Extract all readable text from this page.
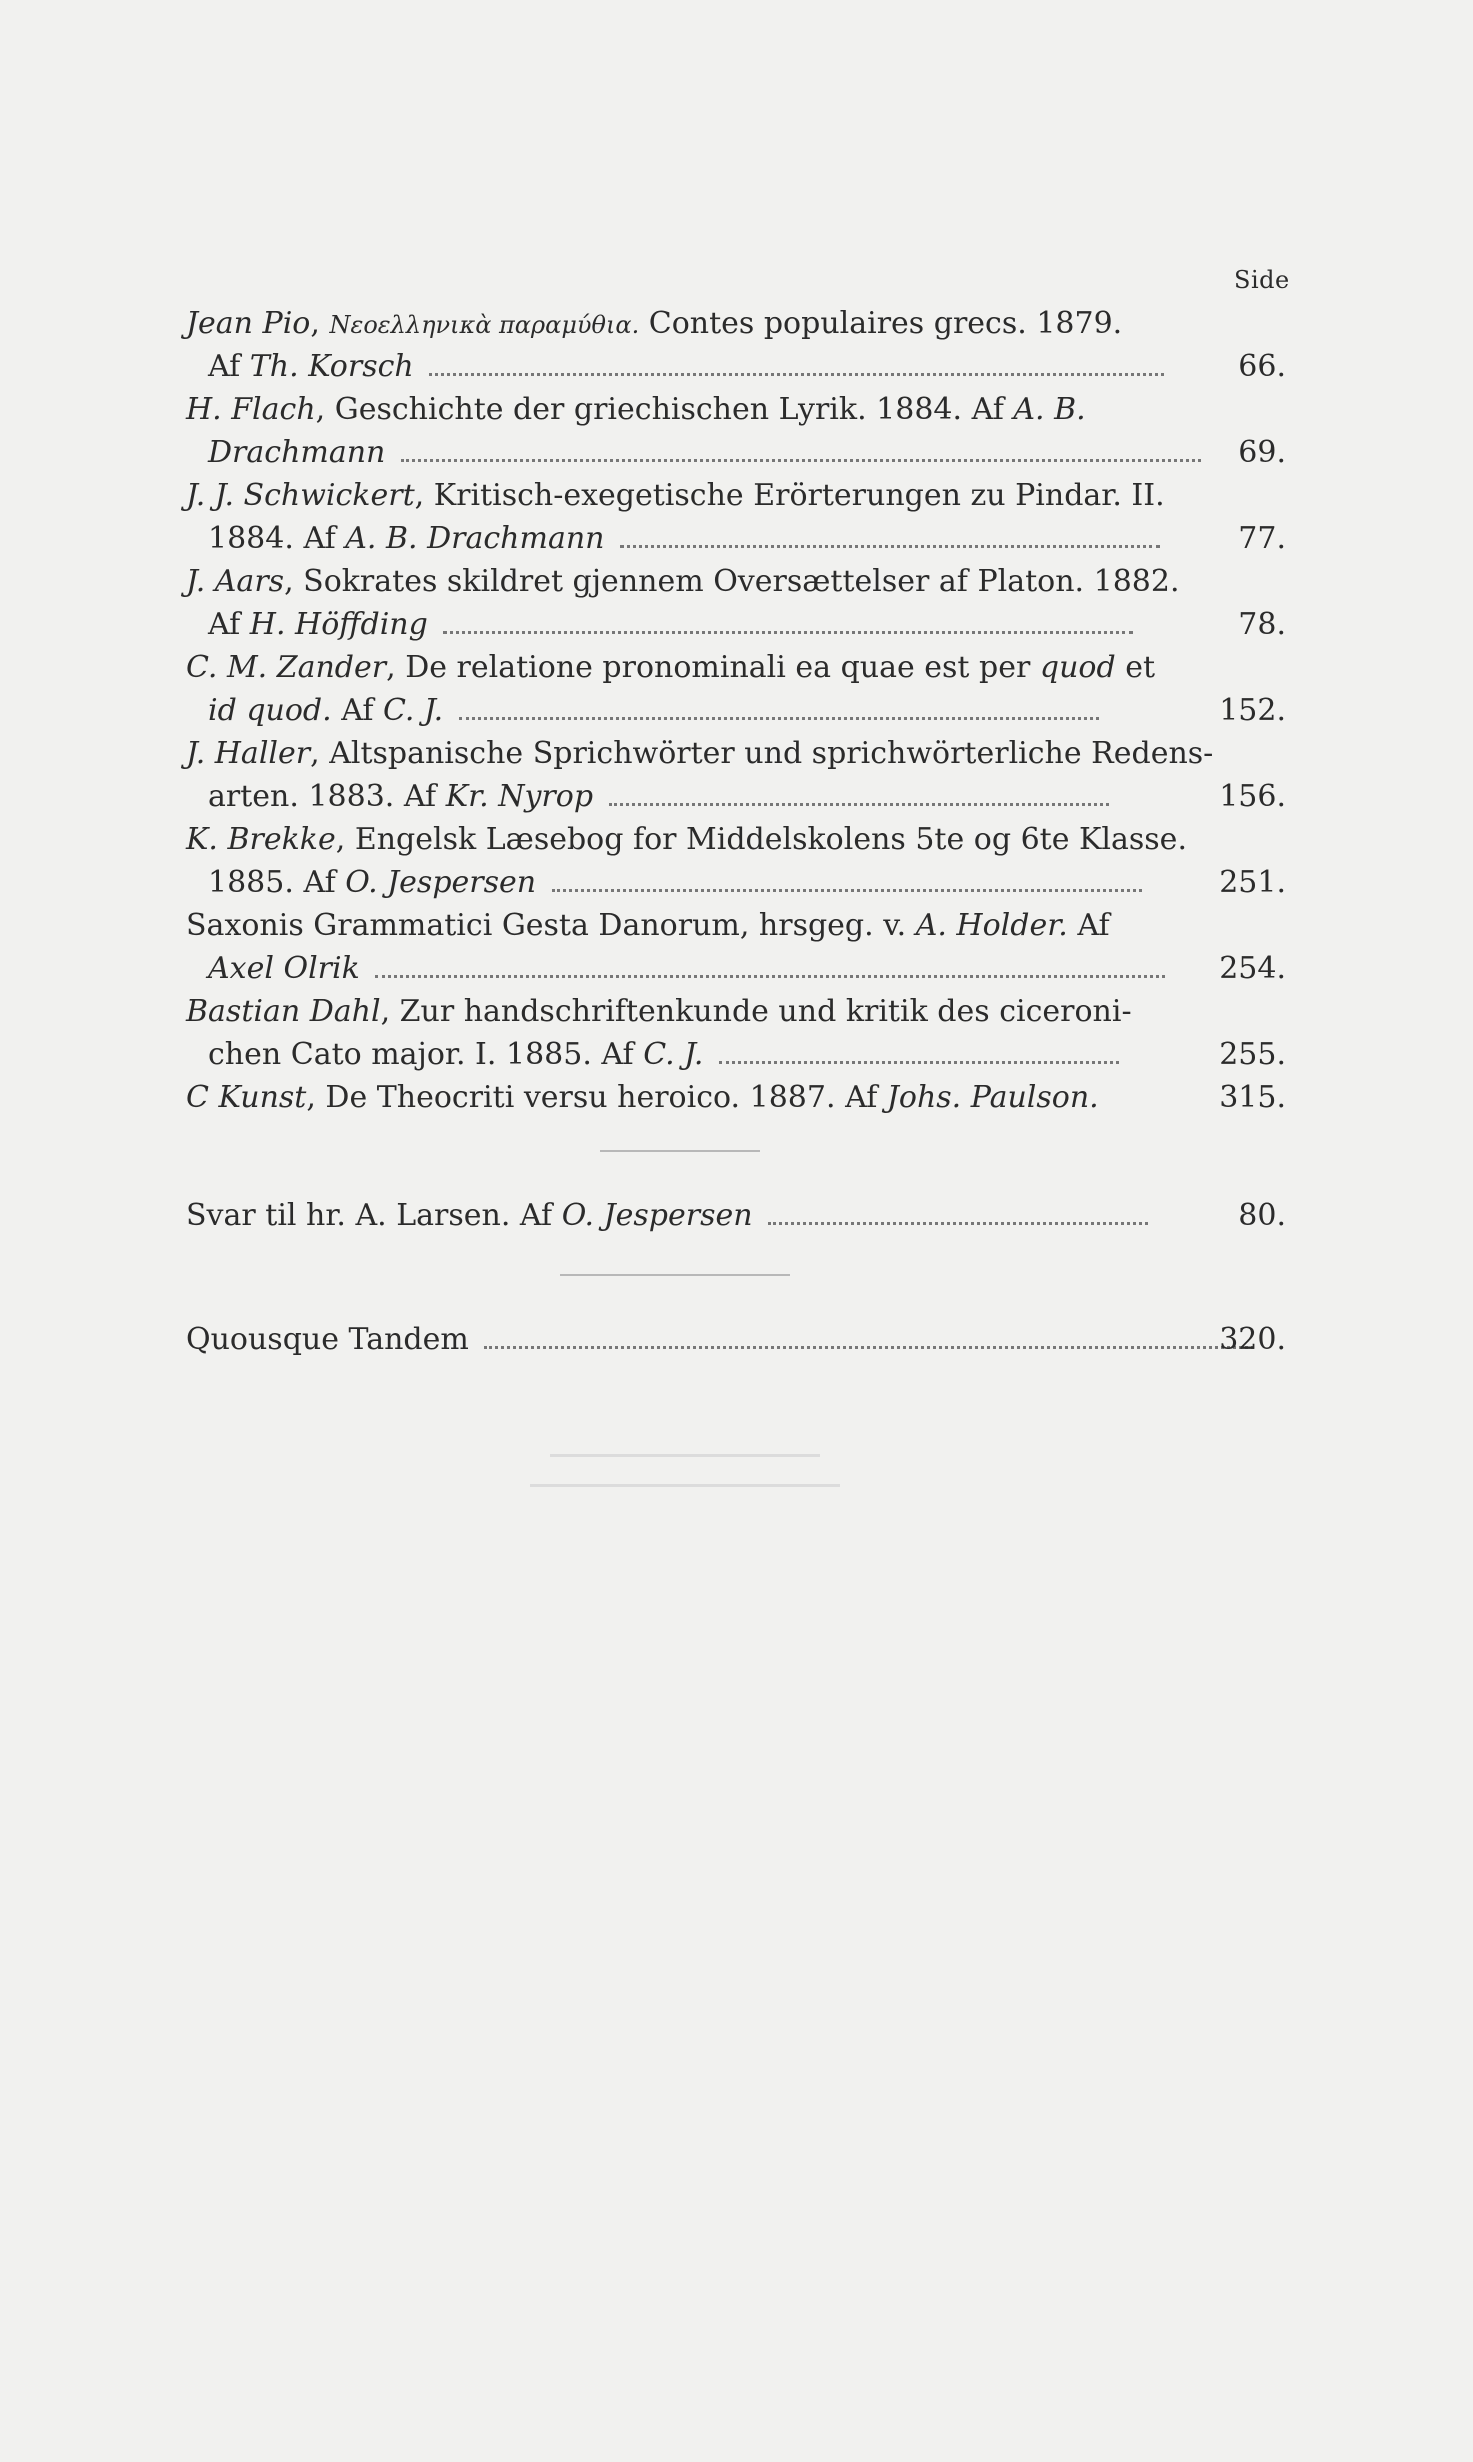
Side
Jean Pio, Νεοελληνικὰ παραμύθια. Contes populaires grecs. 1879.
Af Th. Korsch	66.
H. Flach, Geschichte der griechischen Lyrik. 1884. Af A. B.
Drachmann	69.
J. J. Schwickert, Kritisch-exegetische Erörterungen zu Pindar. II.
1884. Af A. B. Drachmann	77.
J. Aars, Sokrates skildret gjennem Oversættelser af Platon. 1882.
Af H. Höffding	78.
C. M. Zander, De relatione pronominali ea quae est per quod et
id quod. Af C. J.	152.
J. Haller, Altspanische Sprichwörter und sprichwörterliche Redens-
arten. 1883. Af Kr. Nyrop	156.
K. Brekke, Engelsk Læsebog for Middelskolens 5te og 6te Klasse.
1885. Af O. Jespersen	251.
Saxonis Grammatici Gesta Danorum, hrsgeg. v. A. Holder. Af
Axel Olrik	254.
Bastian Dahl, Zur handschriftenkunde und kritik des ciceroni-
chen Cato major. I. 1885. Af C. J.	255.
C Kunst, De Theocriti versu heroico. 1887. Af Johs. Paulson.	315.
Svar til hr. A. Larsen. Af O. Jespersen	80.
Quousque Tandem	320.
